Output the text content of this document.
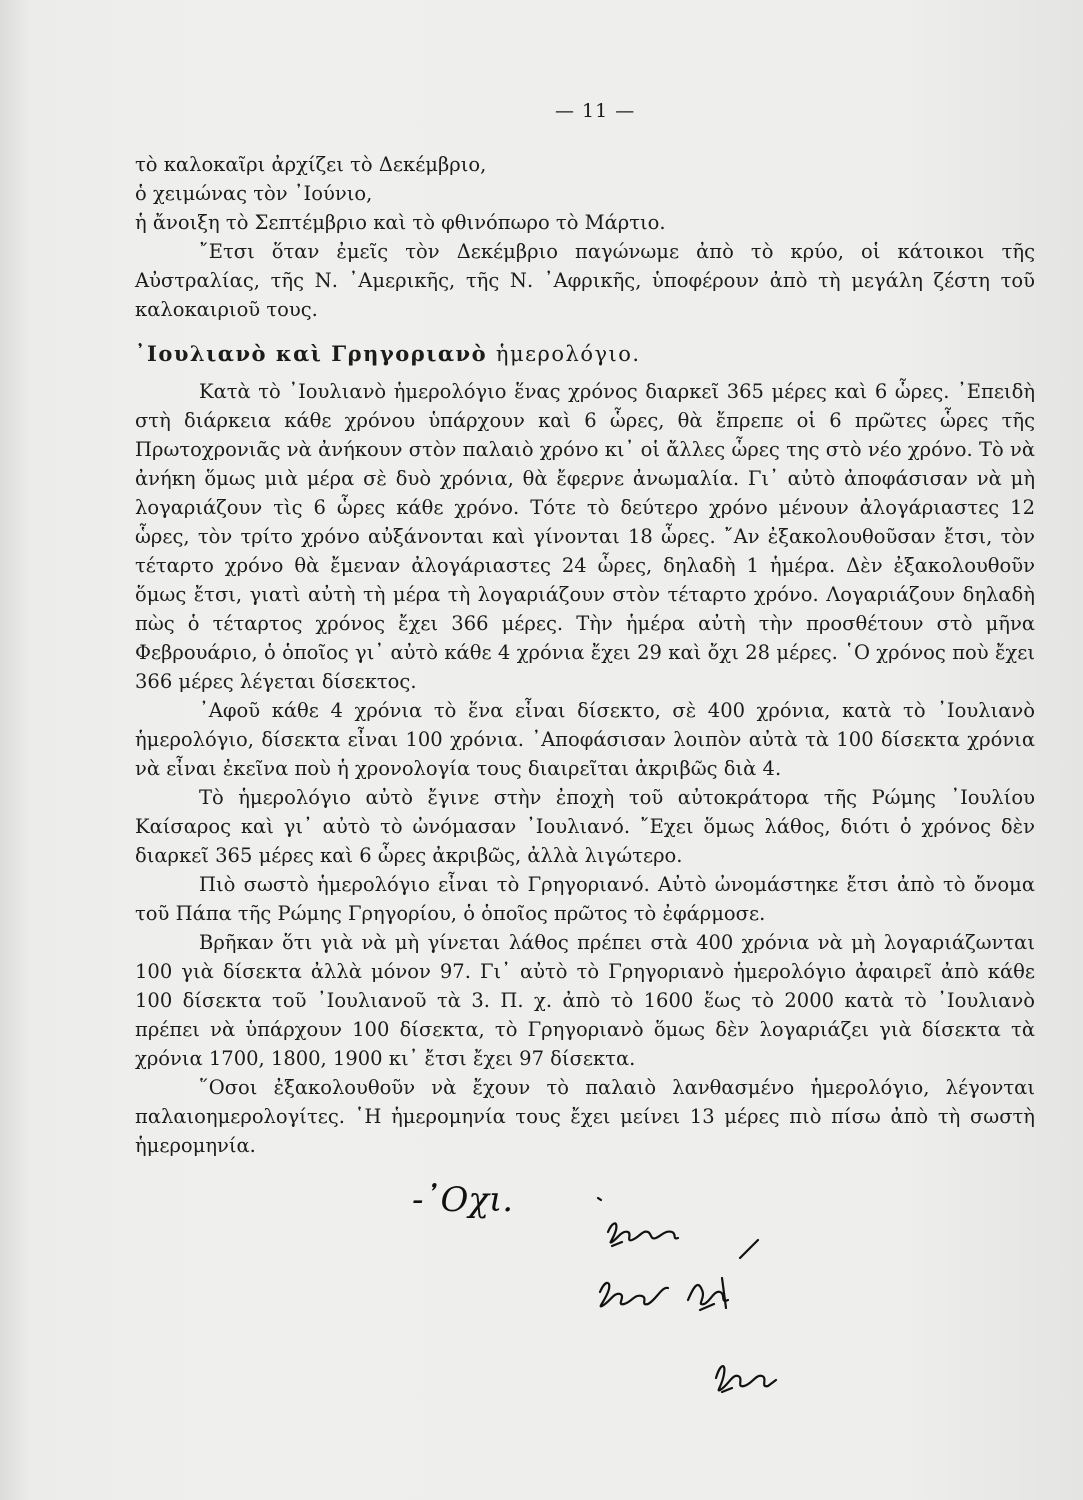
— 11 —

τὸ καλοκαῖρι ἀρχίζει τὸ Δεκέμβριο,

ὁ χειμώνας τὸν ᾿Ιούνιο,

ἡ ἄνοιξη τὸ Σεπτέμβριο καὶ τὸ φθινόπωρο τὸ Μάρτιο.

῎Ετσι ὅταν ἐμεῖς τὸν Δεκέμβριο παγώνωμε ἀπὸ τὸ κρύο, οἱ κάτοικοι τῆς Αὐστραλίας, τῆς Ν. ᾿Αμερικῆς, τῆς Ν. ᾿Αφρικῆς, ὑποφέρουν ἀπὸ τὴ μεγάλη ζέστη τοῦ καλοκαιριοῦ τους.

᾿Ιουλιανὸ καὶ Γρηγοριανὸ ἡμερολόγιο.

Κατὰ τὸ ᾿Ιουλιανὸ ἡμερολόγιο ἕνας χρόνος διαρκεῖ 365 μέρες καὶ 6 ὧρες. ᾿Επειδὴ στὴ διάρκεια κάθε χρόνου ὑπάρχουν καὶ 6 ὧρες, θὰ ἔπρεπε οἱ 6 πρῶτες ὧρες τῆς Πρωτοχρονιᾶς νὰ ἀνήκουν στὸν παλαιὸ χρόνο κι᾿ οἱ ἄλλες ὧρες της στὸ νέο χρόνο. Τὸ νὰ ἀνήκη ὅμως μιὰ μέρα σὲ δυὸ χρόνια, θὰ ἔφερνε ἀνωμαλία. Γι᾿ αὐτὸ ἀποφάσισαν νὰ μὴ λογαριάζουν τὶς 6 ὧρες κάθε χρόνο. Τότε τὸ δεύτερο χρόνο μένουν ἀλογάριαστες 12 ὧρες, τὸν τρίτο χρόνο αὐξάνονται καὶ γίνονται 18 ὧρες. ῎Αν ἐξακολουθοῦσαν ἔτσι, τὸν τέταρτο χρόνο θὰ ἔμεναν ἀλογάριαστες 24 ὧρες, δηλαδὴ 1 ἡμέρα. Δὲν ἐξακολουθοῦν ὅμως ἔτσι, γιατὶ αὐτὴ τὴ μέρα τὴ λογαριάζουν στὸν τέταρτο χρόνο. Λογαριάζουν δηλαδὴ πὼς ὁ τέταρτος χρόνος ἔχει 366 μέρες. Τὴν ἡμέρα αὐτὴ τὴν προσθέτουν στὸ μῆνα Φεβρουάριο, ὁ ὁποῖος γι᾿ αὐτὸ κάθε 4 χρόνια ἔχει 29 καὶ ὄχι 28 μέρες. ῾Ο χρόνος ποὺ ἔχει 366 μέρες λέγεται δίσεκτος.

᾿Αφοῦ κάθε 4 χρόνια τὸ ἕνα εἶναι δίσεκτο, σὲ 400 χρόνια, κατὰ τὸ ᾿Ιουλιανὸ ἡμερολόγιο, δίσεκτα εἶναι 100 χρόνια. ᾿Αποφάσισαν λοιπὸν αὐτὰ τὰ 100 δίσεκτα χρόνια νὰ εἶναι ἐκεῖνα ποὺ ἡ χρονολογία τους διαιρεῖται ἀκριβῶς διὰ 4.

Τὸ ἡμερολόγιο αὐτὸ ἔγινε στὴν ἐποχὴ τοῦ αὐτοκράτορα τῆς Ρώμης ᾿Ιουλίου Καίσαρος καὶ γι᾿ αὐτὸ τὸ ὠνόμασαν ᾿Ιουλιανό. ῎Εχει ὅμως λάθος, διότι ὁ χρόνος δὲν διαρκεῖ 365 μέρες καὶ 6 ὧρες ἀκριβῶς, ἀλλὰ λιγώτερο.

Πιὸ σωστὸ ἡμερολόγιο εἶναι τὸ Γρηγοριανό. Αὐτὸ ὠνομάστηκε ἔτσι ἀπὸ τὸ ὄνομα τοῦ Πάπα τῆς Ρώμης Γρηγορίου, ὁ ὁποῖος πρῶτος τὸ ἐφάρμοσε.

Βρῆκαν ὅτι γιὰ νὰ μὴ γίνεται λάθος πρέπει στὰ 400 χρόνια νὰ μὴ λογαριάζωνται 100 γιὰ δίσεκτα ἀλλὰ μόνον 97. Γι᾿ αὐτὸ τὸ Γρηγοριανὸ ἡμερολόγιο ἀφαιρεῖ ἀπὸ κάθε 100 δίσεκτα τοῦ ᾿Ιουλιανοῦ τὰ 3. Π. χ. ἀπὸ τὸ 1600 ἕως τὸ 2000 κατὰ τὸ ᾿Ιουλιανὸ πρέπει νὰ ὑπάρχουν 100 δίσεκτα, τὸ Γρηγοριανὸ ὅμως δὲν λογαριάζει γιὰ δίσεκτα τὰ χρόνια 1700, 1800, 1900 κι᾿ ἔτσι ἔχει 97 δίσεκτα.

῞Οσοι ἐξακολουθοῦν νὰ ἔχουν τὸ παλαιὸ λανθασμένο ἡμερολόγιο, λέγονται παλαιοημερολογίτες. ῾Η ἡμερομηνία τους ἔχει μείνει 13 μέρες πιὸ πίσω ἀπὸ τὴ σωστὴ ἡμερομηνία.

-᾿Οχι.
